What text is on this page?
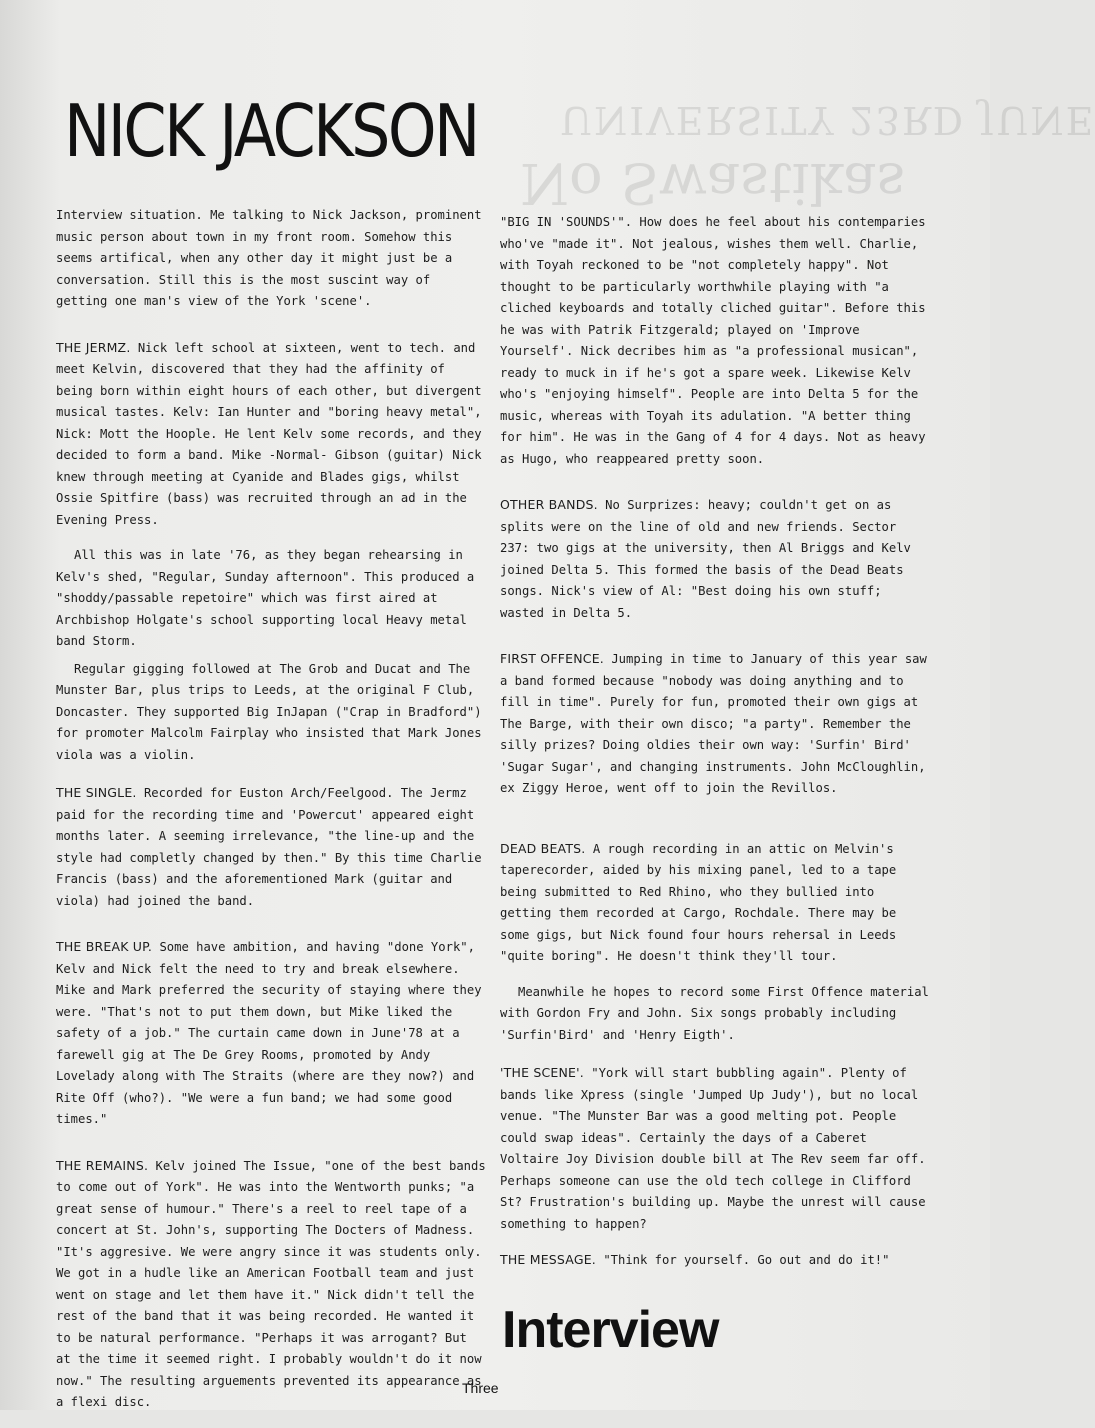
UNIVERSITY 23RD JUNE
No Swastikas
NICK JACKSON

Interview situation. Me talking to Nick Jackson, prominent music person about town in my front room. Somehow this seems artifical, when any other day it might just be a conversation. Still this is the most suscint way of getting one man's view of the York 'scene'.

THE JERMZ. Nick left school at sixteen, went to tech. and meet Kelvin, discovered that they had the affinity of being born within eight hours of each other, but divergent musical tastes. Kelv: Ian Hunter and "boring heavy metal", Nick: Mott the Hoople. He lent Kelv some records, and they decided to form a band. Mike -Normal- Gibson (guitar) Nick knew through meeting at Cyanide and Blades gigs, whilst Ossie Spitfire (bass) was recruited through an ad in the Evening Press.

All this was in late '76, as they began rehearsing in Kelv's shed, "Regular, Sunday afternoon". This produced a "shoddy/passable repetoire" which was first aired at Archbishop Holgate's school supporting local Heavy metal band Storm.

Regular gigging followed at The Grob and Ducat and The Munster Bar, plus trips to Leeds, at the original F Club, Doncaster. They supported Big InJapan ("Crap in Bradford") for promoter Malcolm Fairplay who insisted that Mark Jones viola was a violin.

THE SINGLE. Recorded for Euston Arch/Feelgood. The Jermz paid for the recording time and 'Powercut' appeared eight months later. A seeming irrelevance, "the line-up and the style had completly changed by then." By this time Charlie Francis (bass) and the aforementioned Mark (guitar and viola) had joined the band.

THE BREAK UP. Some have ambition, and having "done York", Kelv and Nick felt the need to try and break elsewhere. Mike and Mark preferred the security of staying where they were. "That's not to put them down, but Mike liked the safety of a job." The curtain came down in June'78 at a farewell gig at The De Grey Rooms, promoted by Andy Lovelady along with The Straits (where are they now?) and Rite Off (who?). "We were a fun band; we had some good times."

THE REMAINS. Kelv joined The Issue, "one of the best bands to come out of York". He was into the Wentworth punks; "a great sense of humour." There's a reel to reel tape of a concert at St. John's, supporting The Docters of Madness. "It's aggresive. We were angry since it was students only. We got in a hudle like an American Football team and just went on stage and let them have it." Nick didn't tell the rest of the band that it was being recorded. He wanted it to be natural performance. "Perhaps it was arrogant? But at the time it seemed right. I probably wouldn't do it now now." The resulting arguements prevented its appearance as a flexi disc.

"BIG IN 'SOUNDS'". How does he feel about his contemparies who've "made it". Not jealous, wishes them well. Charlie, with Toyah reckoned to be "not completely happy". Not thought to be particularly worthwhile playing with "a cliched keyboards and totally cliched guitar". Before this he was with Patrik Fitzgerald; played on 'Improve Yourself'. Nick decribes him as "a professional musican", ready to muck in if he's got a spare week. Likewise Kelv who's "enjoying himself". People are into Delta 5 for the music, whereas with Toyah its adulation. "A better thing for him". He was in the Gang of 4 for 4 days. Not as heavy as Hugo, who reappeared pretty soon.

OTHER BANDS. No Surprizes: heavy; couldn't get on as splits were on the line of old and new friends. Sector 237: two gigs at the university, then Al Briggs and Kelv joined Delta 5. This formed the basis of the Dead Beats songs. Nick's view of Al: "Best doing his own stuff; wasted in Delta 5.

FIRST OFFENCE. Jumping in time to January of this year saw a band formed because "nobody was doing anything and to fill in time". Purely for fun, promoted their own gigs at The Barge, with their own disco; "a party". Remember the silly prizes? Doing oldies their own way: 'Surfin' Bird' 'Sugar Sugar', and changing instruments. John McCloughlin, ex Ziggy Heroe, went off to join the Revillos.

DEAD BEATS. A rough recording in an attic on Melvin's taperecorder, aided by his mixing panel, led to a tape being submitted to Red Rhino, who they bullied into getting them recorded at Cargo, Rochdale. There may be some gigs, but Nick found four hours rehersal in Leeds "quite boring". He doesn't think they'll tour.

Meanwhile he hopes to record some First Offence material with Gordon Fry and John. Six songs probably including 'Surfin'Bird' and 'Henry Eigth'.

'THE SCENE'. "York will start bubbling again". Plenty of bands like Xpress (single 'Jumped Up Judy'), but no local venue. "The Munster Bar was a good melting pot. People could swap ideas". Certainly the days of a Caberet Voltaire Joy Division double bill at The Rev seem far off. Perhaps someone can use the old tech college in Clifford St? Frustration's building up. Maybe the unrest will cause something to happen?

THE MESSAGE. "Think for yourself. Go out and do it!"

Interview
Three
